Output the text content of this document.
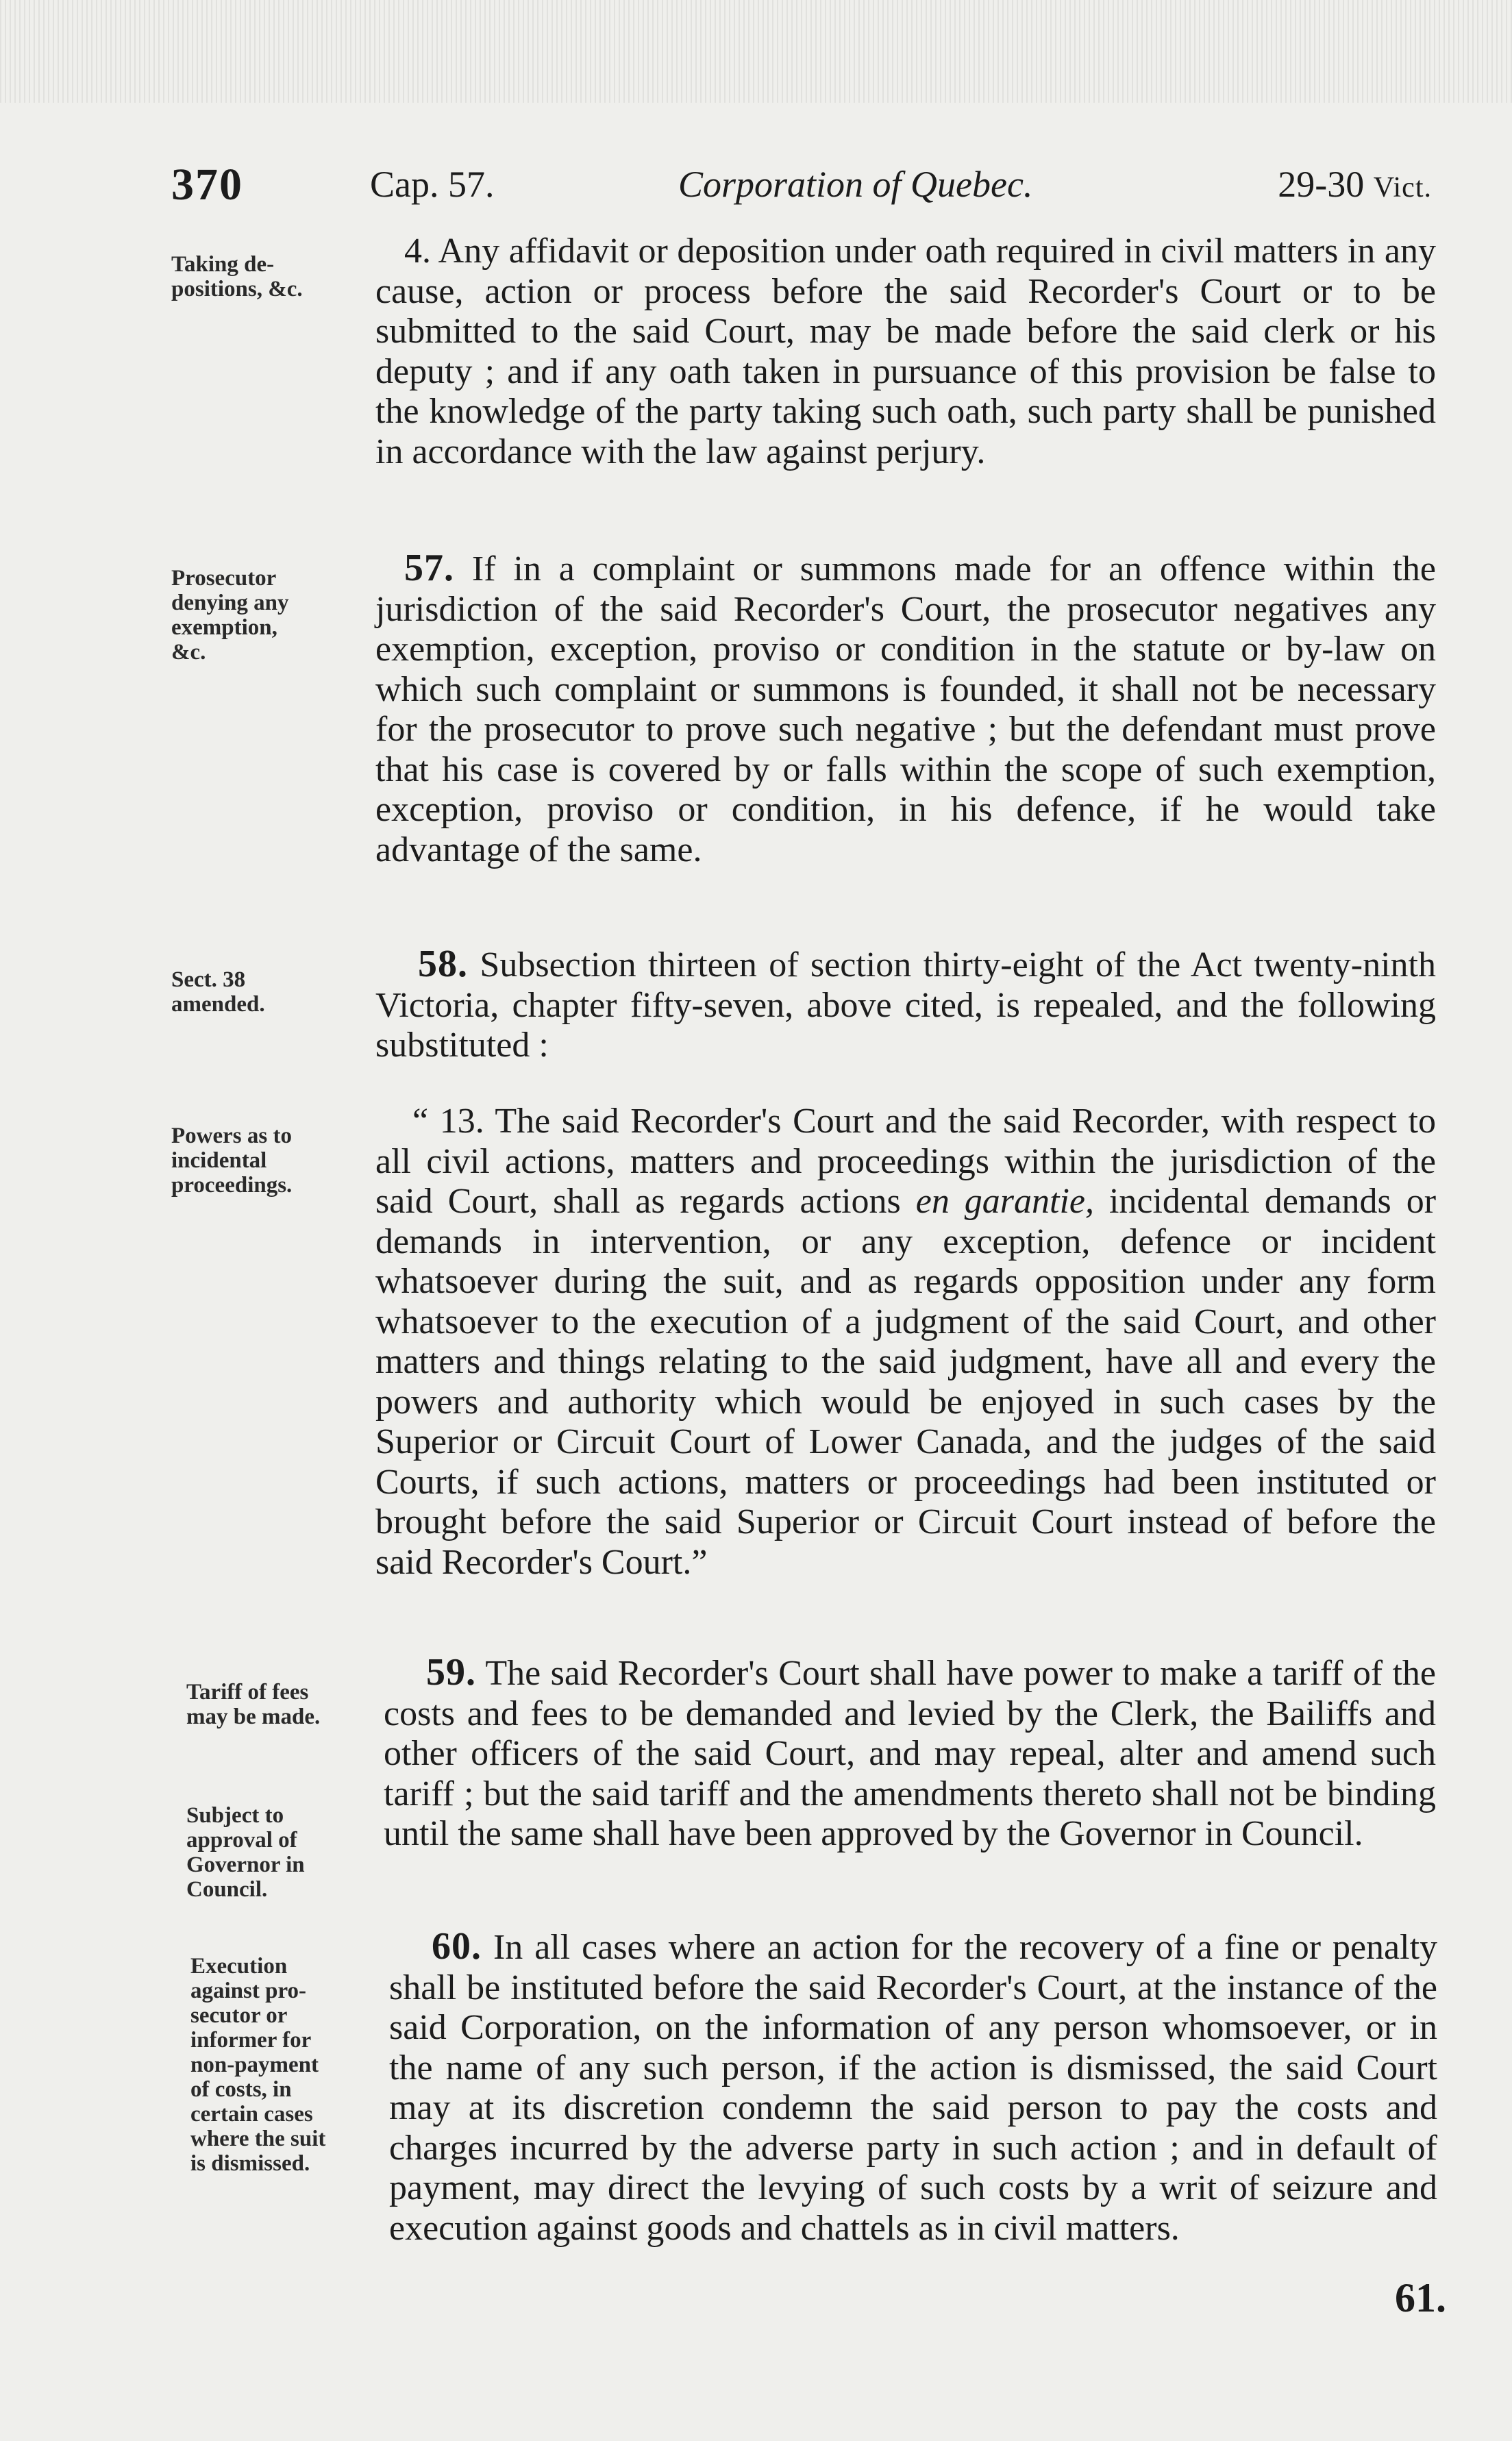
370	Cap. 57.	Corporation of Quebec.	29-30 Vict.
Taking de-
positions, &c.
4. Any affidavit or deposition under oath required in civil matters in any cause, action or process before the said Recorder's Court or to be submitted to the said Court, may be made before the said clerk or his deputy ; and if any oath taken in pursuance of this provision be false to the knowledge of the party taking such oath, such party shall be punished in accordance with the law against perjury.
Prosecutor
denying any
exemption,
&c.
57. If in a complaint or summons made for an offence within the jurisdiction of the said Recorder's Court, the prosecutor negatives any exemption, exception, proviso or condition in the statute or by-law on which such complaint or summons is founded, it shall not be necessary for the prosecutor to prove such negative ; but the defendant must prove that his case is covered by or falls within the scope of such exemption, exception, proviso or condition, in his defence, if he would take advantage of the same.
Sect. 38
amended.
58. Subsection thirteen of section thirty-eight of the Act twenty-ninth Victoria, chapter fifty-seven, above cited, is repealed, and the following substituted :
Powers as to
incidental
proceedings.
“ 13. The said Recorder's Court and the said Recorder, with respect to all civil actions, matters and proceedings within the jurisdiction of the said Court, shall as regards actions en garantie, incidental demands or demands in intervention, or any exception, defence or incident whatsoever during the suit, and as regards opposition under any form whatsoever to the execution of a judgment of the said Court, and other matters and things relating to the said judgment, have all and every the powers and authority which would be enjoyed in such cases by the Superior or Circuit Court of Lower Canada, and the judges of the said Courts, if such actions, matters or proceedings had been instituted or brought before the said Superior or Circuit Court instead of before the said Recorder's Court.”
Tariff of fees
may be made.
Subject to
approval of
Governor in
Council.
59. The said Recorder's Court shall have power to make a tariff of the costs and fees to be demanded and levied by the Clerk, the Bailiffs and other officers of the said Court, and may repeal, alter and amend such tariff ; but the said tariff and the amendments thereto shall not be binding until the same shall have been approved by the Governor in Council.
Execution
against pro-
secutor or
informer for
non-payment
of costs, in
certain cases
where the suit
is dismissed.
60. In all cases where an action for the recovery of a fine or penalty shall be instituted before the said Recorder's Court, at the instance of the said Corporation, on the information of any person whomsoever, or in the name of any such person, if the action is dismissed, the said Court may at its discretion condemn the said person to pay the costs and charges incurred by the adverse party in such action ; and in default of payment, may direct the levying of such costs by a writ of seizure and execution against goods and chattels as in civil matters.
61.
